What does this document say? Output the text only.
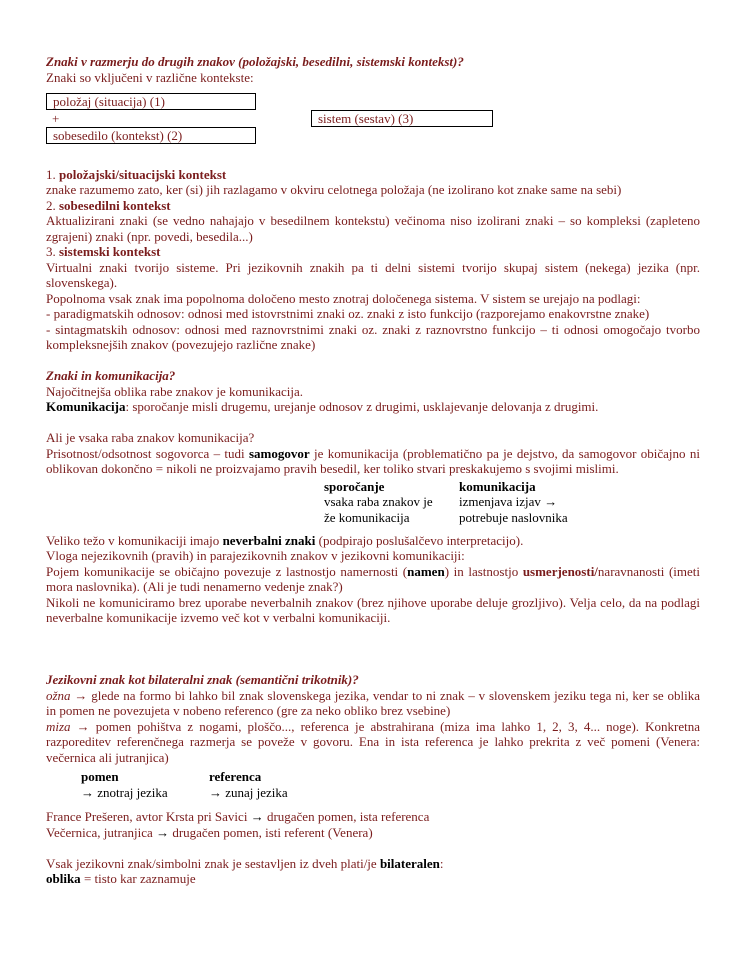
Znaki v razmerju do drugih znakov (položajski, besedilni, sistemski kontekst)?

Znaki so vključeni v različne kontekste:

položaj (situacija) (1)
+
sobesedilo (kontekst) (2)
sistem (sestav) (3)

1. položajski/situacijski kontekst

znake razumemo zato, ker (si) jih razlagamo v okviru celotnega položaja (ne izolirano kot znake same na sebi)

2. sobesedilni kontekst

Aktualizirani znaki (se vedno nahajajo v besedilnem kontekstu) večinoma niso izolirani znaki – so kompleksi (zapleteno zgrajeni) znaki (npr. povedi, besedila...)

3. sistemski kontekst

Virtualni znaki tvorijo sisteme. Pri jezikovnih znakih pa ti delni sistemi tvorijo skupaj sistem (nekega) jezika (npr. slovenskega).

Popolnoma vsak znak ima popolnoma določeno mesto znotraj določenega sistema. V sistem se urejajo na podlagi:

- paradigmatskih odnosov: odnosi med istovrstnimi znaki oz. znaki z isto funkcijo (razporejamo enakovrstne znake)

- sintagmatskih odnosov: odnosi med raznovrstnimi znaki oz. znaki z raznovrstno funkcijo – ti odnosi omogočajo tvorbo kompleksnejših znakov (povezujejo različne znake)

Znaki in komunikacija?

Najočitnejša oblika rabe znakov je komunikacija.

Komunikacija: sporočanje misli drugemu, urejanje odnosov z drugimi, usklajevanje delovanja z drugimi.

Ali je vsaka raba znakov komunikacija?

Prisotnost/odsotnost sogovorca – tudi samogovor je komunikacija (problematično pa je dejstvo, da samogovor običajno ni oblikovan dokončno = nikoli ne proizvajamo pravih besedil, ker toliko stvari preskakujemo s svojimi mislimi.

sporočanje
vsaka raba znakov je
že komunikacija
komunikacija
izmenjava izjav →
potrebuje naslovnika

Veliko težo v komunikaciji imajo neverbalni znaki (podpirajo poslušalčevo interpretacijo).

Vloga nejezikovnih (pravih) in parajezikovnih znakov v jezikovni komunikaciji:

Pojem komunikacije se običajno povezuje z lastnostjo namernosti (namen) in lastnostjo usmerjenosti/naravnanosti (imeti mora naslovnika). (Ali je tudi nenamerno vedenje znak?)

Nikoli ne komuniciramo brez uporabe neverbalnih znakov (brez njihove uporabe deluje grozljivo). Velja celo, da na podlagi neverbalne komunikacije izvemo več kot v verbalni komunikaciji.

Jezikovni znak kot bilateralni znak (semantični trikotnik)?

ožna → glede na formo bi lahko bil znak slovenskega jezika, vendar to ni znak – v slovenskem jeziku tega ni, ker se oblika in pomen ne povezujeta v nobeno referenco (gre za neko obliko brez vsebine)

miza → pomen pohištva z nogami, ploščo..., referenca je abstrahirana (miza ima lahko 1, 2, 3, 4... noge). Konkretna razporeditev referenčnega razmerja se poveže v govoru. Ena in ista referenca je lahko prekrita z več pomeni (Venera: večernica ali jutranjica)

pomen
→ znotraj jezika
referenca
→ zunaj jezika

France Prešeren, avtor Krsta pri Savici → drugačen pomen, ista referenca

Večernica, jutranjica → drugačen pomen, isti referent (Venera)

Vsak jezikovni znak/simbolni znak je sestavljen iz dveh plati/je bilateralen:

oblika = tisto kar zaznamuje
